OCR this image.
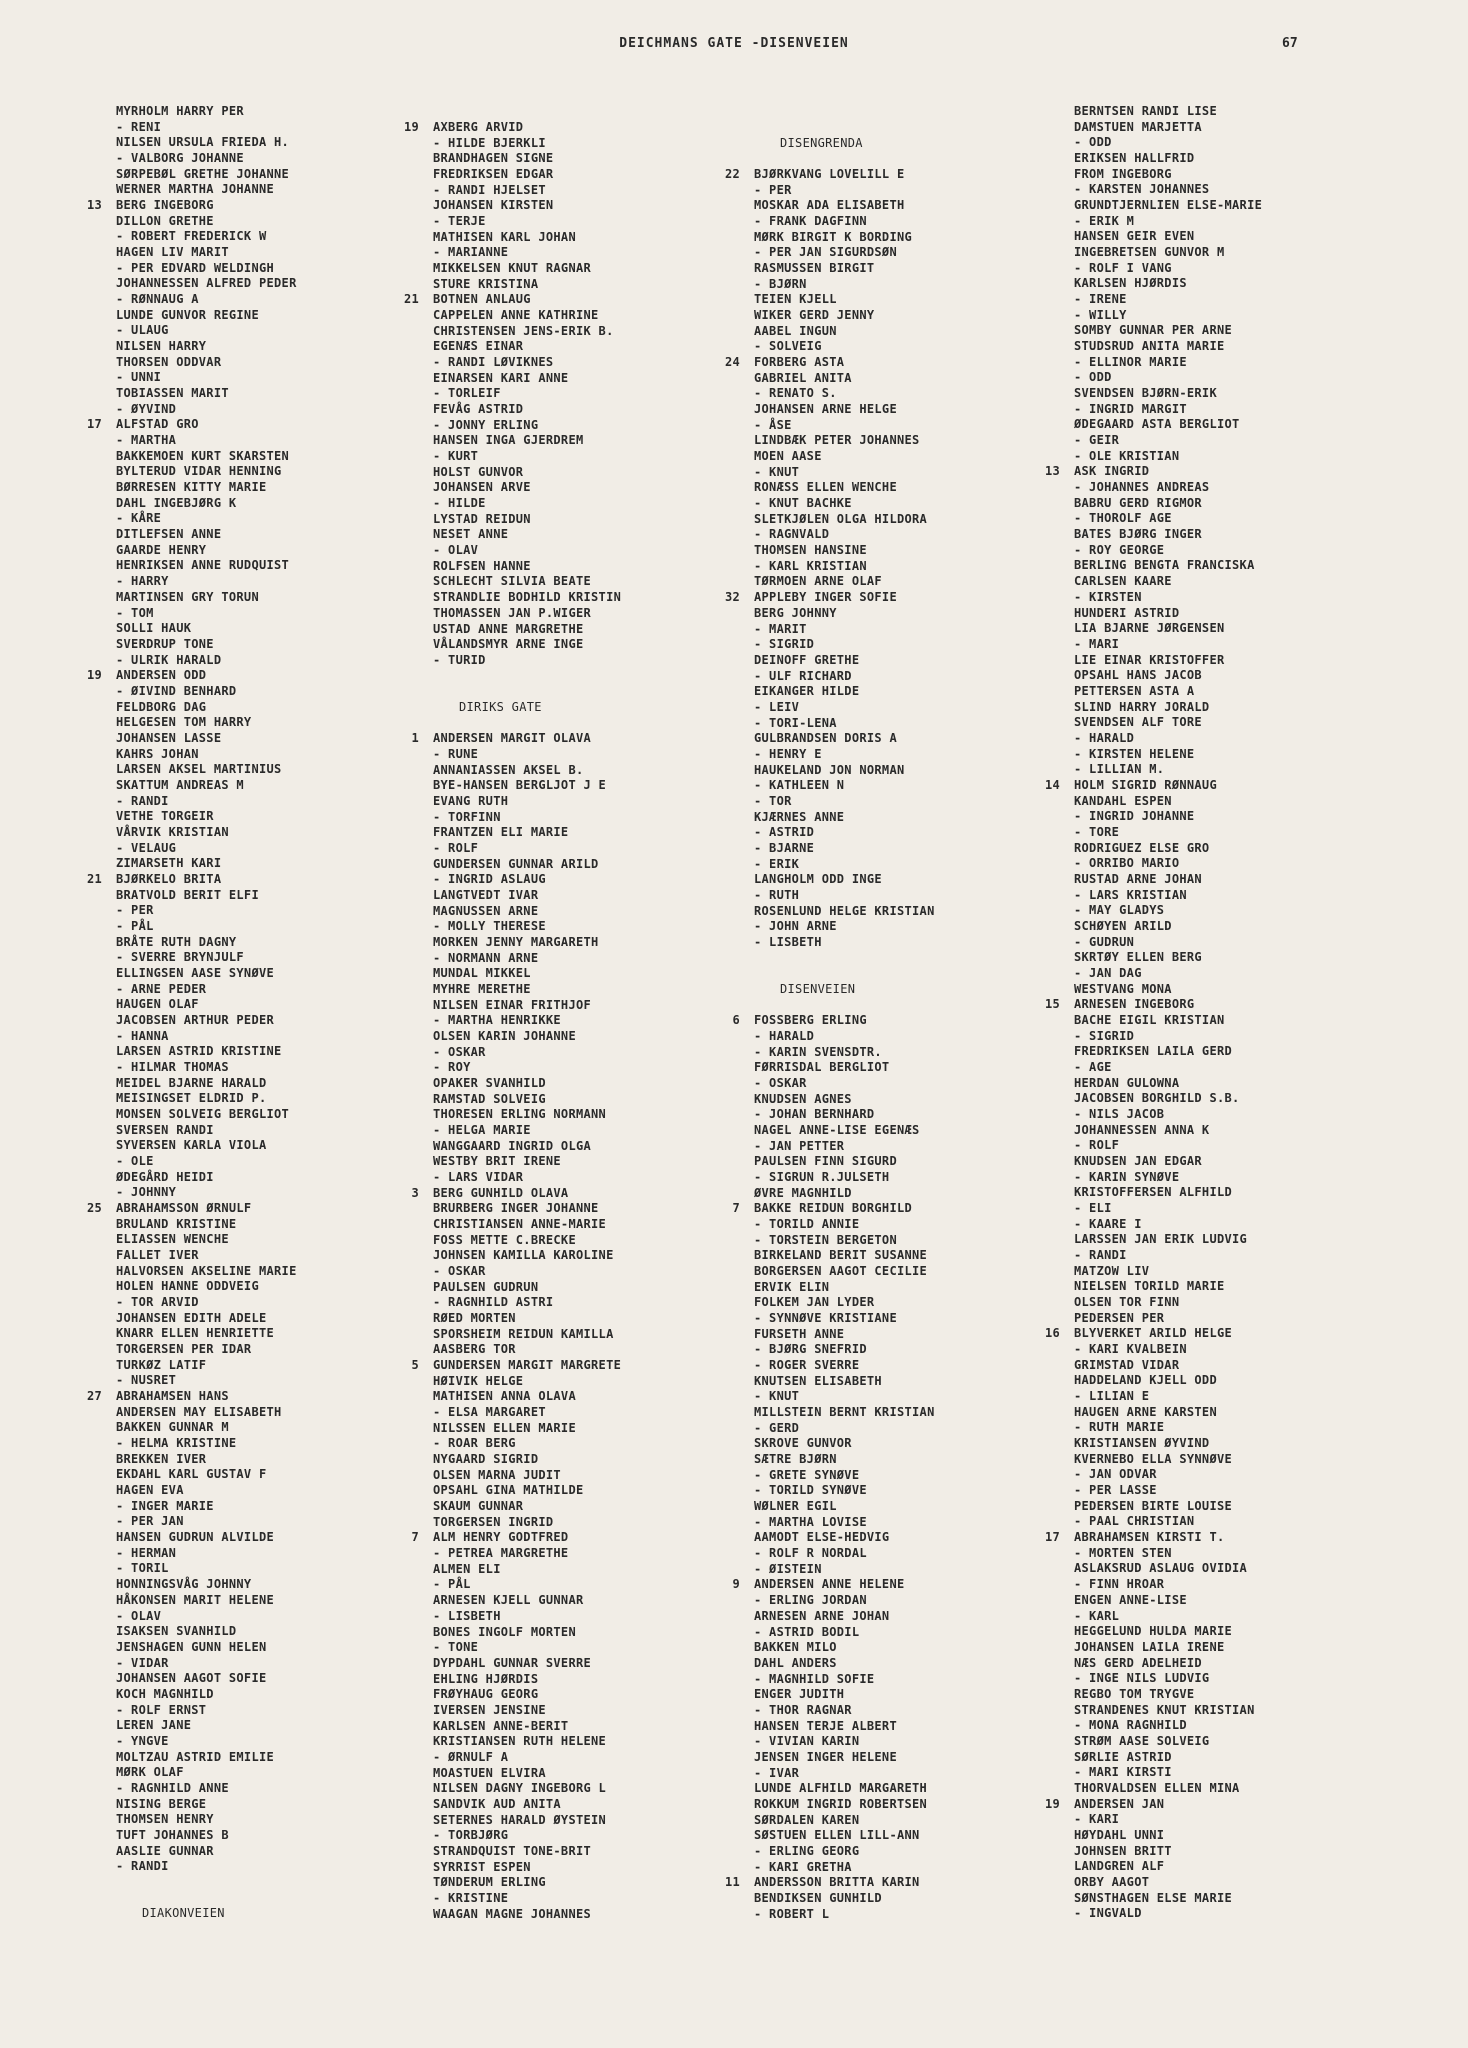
DEICHMANS GATE -DISENVEIEN	67
MYRHOLM HARRY PER
- RENI
NILSEN URSULA FRIEDA H.
- VALBORG JOHANNE
SØRPEBØL GRETHE JOHANNE
WERNER MARTHA JOHANNE
BERG INGEBORG
13
DILLON GRETHE
- ROBERT FREDERICK W
HAGEN LIV MARIT
- PER EDVARD WELDINGH
JOHANNESSEN ALFRED PEDER
- RØNNAUG A
LUNDE GUNVOR REGINE
- ULAUG
NILSEN HARRY
THORSEN ODDVAR
- UNNI
TOBIASSEN MARIT
- ØYVIND
ALFSTAD GRO
17
- MARTHA
BAKKEMOEN KURT SKARSTEN
BYLTERUD VIDAR HENNING
BØRRESEN KITTY MARIE
DAHL INGEBJØRG K
- KÅRE
DITLEFSEN ANNE
GAARDE HENRY
HENRIKSEN ANNE RUDQUIST
- HARRY
MARTINSEN GRY TORUN
- TOM
SOLLI HAUK
SVERDRUP TONE
- ULRIK HARALD
ANDERSEN ODD
19
- ØIVIND BENHARD
FELDBORG DAG
HELGESEN TOM HARRY
JOHANSEN LASSE
KAHRS JOHAN
LARSEN AKSEL MARTINIUS
SKATTUM ANDREAS M
- RANDI
VETHE TORGEIR
VÅRVIK KRISTIAN
- VELAUG
ZIMARSETH KARI
BJØRKELO BRITA
21
BRATVOLD BERIT ELFI
- PER
- PÅL
BRÅTE RUTH DAGNY
- SVERRE BRYNJULF
ELLINGSEN AASE SYNØVE
- ARNE PEDER
HAUGEN OLAF
JACOBSEN ARTHUR PEDER
- HANNA
LARSEN ASTRID KRISTINE
- HILMAR THOMAS
MEIDEL BJARNE HARALD
MEISINGSET ELDRID P.
MONSEN SOLVEIG BERGLIOT
SVERSEN RANDI
SYVERSEN KARLA VIOLA
- OLE
ØDEGÅRD HEIDI
- JOHNNY
ABRAHAMSSON ØRNULF
25
BRULAND KRISTINE
ELIASSEN WENCHE
FALLET IVER
HALVORSEN AKSELINE MARIE
HOLEN HANNE ODDVEIG
- TOR ARVID
JOHANSEN EDITH ADELE
KNARR ELLEN HENRIETTE
TORGERSEN PER IDAR
TURKØZ LATIF
- NUSRET
ABRAHAMSEN HANS
27
ANDERSEN MAY ELISABETH
BAKKEN GUNNAR M
- HELMA KRISTINE
BREKKEN IVER
EKDAHL KARL GUSTAV F
HAGEN EVA
- INGER MARIE
- PER JAN
HANSEN GUDRUN ALVILDE
- HERMAN
- TORIL
HONNINGSVÅG JOHNNY
HÅKONSEN MARIT HELENE
- OLAV
ISAKSEN SVANHILD
JENSHAGEN GUNN HELEN
- VIDAR
JOHANSEN AAGOT SOFIE
KOCH MAGNHILD
- ROLF ERNST
LEREN JANE
- YNGVE
MOLTZAU ASTRID EMILIE
MØRK OLAF
- RAGNHILD ANNE
NISING BERGE
THOMSEN HENRY
TUFT JOHANNES B
AASLIE GUNNAR
- RANDI
DIAKONVEIEN
AXBERG ARVID
19
- HILDE BJERKLI
BRANDHAGEN SIGNE
FREDRIKSEN EDGAR
- RANDI HJELSET
JOHANSEN KIRSTEN
- TERJE
MATHISEN KARL JOHAN
- MARIANNE
MIKKELSEN KNUT RAGNAR
STURE KRISTINA
BOTNEN ANLAUG
21
CAPPELEN ANNE KATHRINE
CHRISTENSEN JENS-ERIK B.
EGENÆS EINAR
- RANDI LØVIKNES
EINARSEN KARI ANNE
- TORLEIF
FEVÅG ASTRID
- JONNY ERLING
HANSEN INGA GJERDREM
- KURT
HOLST GUNVOR
JOHANSEN ARVE
- HILDE
LYSTAD REIDUN
NESET ANNE
- OLAV
ROLFSEN HANNE
SCHLECHT SILVIA BEATE
STRANDLIE BODHILD KRISTIN
THOMASSEN JAN P.WIGER
USTAD ANNE MARGRETHE
VÅLANDSMYR ARNE INGE
- TURID
DIRIKS GATE
ANDERSEN MARGIT OLAVA
1
- RUNE
ANNANIASSEN AKSEL B.
BYE-HANSEN BERGLJOT J E
EVANG RUTH
- TORFINN
FRANTZEN ELI MARIE
- ROLF
GUNDERSEN GUNNAR ARILD
- INGRID ASLAUG
LANGTVEDT IVAR
MAGNUSSEN ARNE
- MOLLY THERESE
MORKEN JENNY MARGARETH
- NORMANN ARNE
MUNDAL MIKKEL
MYHRE MERETHE
NILSEN EINAR FRITHJOF
- MARTHA HENRIKKE
OLSEN KARIN JOHANNE
- OSKAR
- ROY
OPAKER SVANHILD
RAMSTAD SOLVEIG
THORESEN ERLING NORMANN
- HELGA MARIE
WANGGAARD INGRID OLGA
WESTBY BRIT IRENE
- LARS VIDAR
BERG GUNHILD OLAVA
3
BRURBERG INGER JOHANNE
CHRISTIANSEN ANNE-MARIE
FOSS METTE C.BRECKE
JOHNSEN KAMILLA KAROLINE
- OSKAR
PAULSEN GUDRUN
- RAGNHILD ASTRI
RØED MORTEN
SPORSHEIM REIDUN KAMILLA
AASBERG TOR
GUNDERSEN MARGIT MARGRETE
5
HØIVIK HELGE
MATHISEN ANNA OLAVA
- ELSA MARGARET
NILSSEN ELLEN MARIE
- ROAR BERG
NYGAARD SIGRID
OLSEN MARNA JUDIT
OPSAHL GINA MATHILDE
SKAUM GUNNAR
TORGERSEN INGRID
ALM HENRY GODTFRED
7
- PETREA MARGRETHE
ALMEN ELI
- PÅL
ARNESEN KJELL GUNNAR
- LISBETH
BONES INGOLF MORTEN
- TONE
DYPDAHL GUNNAR SVERRE
EHLING HJØRDIS
FRØYHAUG GEORG
IVERSEN JENSINE
KARLSEN ANNE-BERIT
KRISTIANSEN RUTH HELENE
- ØRNULF A
MOASTUEN ELVIRA
NILSEN DAGNY INGEBORG L
SANDVIK AUD ANITA
SETERNES HARALD ØYSTEIN
- TORBJØRG
STRANDQUIST TONE-BRIT
SYRRIST ESPEN
TØNDERUM ERLING
- KRISTINE
WAAGAN MAGNE JOHANNES
DISENGRENDA
BJØRKVANG LOVELILL E
22
- PER
MOSKAR ADA ELISABETH
- FRANK DAGFINN
MØRK BIRGIT K BORDING
- PER JAN SIGURDSØN
RASMUSSEN BIRGIT
- BJØRN
TEIEN KJELL
WIKER GERD JENNY
AABEL INGUN
- SOLVEIG
FORBERG ASTA
24
GABRIEL ANITA
- RENATO S.
JOHANSEN ARNE HELGE
- ÅSE
LINDBÆK PETER JOHANNES
MOEN AASE
- KNUT
RONÆSS ELLEN WENCHE
- KNUT BACHKE
SLETKJØLEN OLGA HILDORA
- RAGNVALD
THOMSEN HANSINE
- KARL KRISTIAN
TØRMOEN ARNE OLAF
APPLEBY INGER SOFIE
32
BERG JOHNNY
- MARIT
- SIGRID
DEINOFF GRETHE
- ULF RICHARD
EIKANGER HILDE
- LEIV
- TORI-LENA
GULBRANDSEN DORIS A
- HENRY E
HAUKELAND JON NORMAN
- KATHLEEN N
- TOR
KJÆRNES ANNE
- ASTRID
- BJARNE
- ERIK
LANGHOLM ODD INGE
- RUTH
ROSENLUND HELGE KRISTIAN
- JOHN ARNE
- LISBETH
DISENVEIEN
FOSSBERG ERLING
6
- HARALD
- KARIN SVENSDTR.
FØRRISDAL BERGLIOT
- OSKAR
KNUDSEN AGNES
- JOHAN BERNHARD
NAGEL ANNE-LISE EGENÆS
- JAN PETTER
PAULSEN FINN SIGURD
- SIGRUN R.JULSETH
ØVRE MAGNHILD
BAKKE REIDUN BORGHILD
7
- TORILD ANNIE
- TORSTEIN BERGETON
BIRKELAND BERIT SUSANNE
BORGERSEN AAGOT CECILIE
ERVIK ELIN
FOLKEM JAN LYDER
- SYNNØVE KRISTIANE
FURSETH ANNE
- BJØRG SNEFRID
- ROGER SVERRE
KNUTSEN ELISABETH
- KNUT
MILLSTEIN BERNT KRISTIAN
- GERD
SKROVE GUNVOR
SÆTRE BJØRN
- GRETE SYNØVE
- TORILD SYNØVE
WØLNER EGIL
- MARTHA LOVISE
AAMODT ELSE-HEDVIG
- ROLF R NORDAL
- ØISTEIN
ANDERSEN ANNE HELENE
9
- ERLING JORDAN
ARNESEN ARNE JOHAN
- ASTRID BODIL
BAKKEN MILO
DAHL ANDERS
- MAGNHILD SOFIE
ENGER JUDITH
- THOR RAGNAR
HANSEN TERJE ALBERT
- VIVIAN KARIN
JENSEN INGER HELENE
- IVAR
LUNDE ALFHILD MARGARETH
ROKKUM INGRID ROBERTSEN
SØRDALEN KAREN
SØSTUEN ELLEN LILL-ANN
- ERLING GEORG
- KARI GRETHA
ANDERSSON BRITTA KARIN
11
BENDIKSEN GUNHILD
- ROBERT L
BERNTSEN RANDI LISE
DAMSTUEN MARJETTA
- ODD
ERIKSEN HALLFRID
FROM INGEBORG
- KARSTEN JOHANNES
GRUNDTJERNLIEN ELSE-MARIE
- ERIK M
HANSEN GEIR EVEN
INGEBRETSEN GUNVOR M
- ROLF I VANG
KARLSEN HJØRDIS
- IRENE
- WILLY
SOMBY GUNNAR PER ARNE
STUDSRUD ANITA MARIE
- ELLINOR MARIE
- ODD
SVENDSEN BJØRN-ERIK
- INGRID MARGIT
ØDEGAARD ASTA BERGLIOT
- GEIR
- OLE KRISTIAN
ASK INGRID
13
- JOHANNES ANDREAS
BABRU GERD RIGMOR
- THOROLF AGE
BATES BJØRG INGER
- ROY GEORGE
BERLING BENGTA FRANCISKA
CARLSEN KAARE
- KIRSTEN
HUNDERI ASTRID
LIA BJARNE JØRGENSEN
- MARI
LIE EINAR KRISTOFFER
OPSAHL HANS JACOB
PETTERSEN ASTA A
SLIND HARRY JORALD
SVENDSEN ALF TORE
- HARALD
- KIRSTEN HELENE
- LILLIAN M.
HOLM SIGRID RØNNAUG
14
KANDAHL ESPEN
- INGRID JOHANNE
- TORE
RODRIGUEZ ELSE GRO
- ORRIBO MARIO
RUSTAD ARNE JOHAN
- LARS KRISTIAN
- MAY GLADYS
SCHØYEN ARILD
- GUDRUN
SKRTØY ELLEN BERG
- JAN DAG
WESTVANG MONA
ARNESEN INGEBORG
15
BACHE EIGIL KRISTIAN
- SIGRID
FREDRIKSEN LAILA GERD
- AGE
HERDAN GULOWNA
JACOBSEN BORGHILD S.B.
- NILS JACOB
JOHANNESSEN ANNA K
- ROLF
KNUDSEN JAN EDGAR
- KARIN SYNØVE
KRISTOFFERSEN ALFHILD
- ELI
- KAARE I
LARSSEN JAN ERIK LUDVIG
- RANDI
MATZOW LIV
NIELSEN TORILD MARIE
OLSEN TOR FINN
PEDERSEN PER
BLYVERKET ARILD HELGE
16
- KARI KVALBEIN
GRIMSTAD VIDAR
HADDELAND KJELL ODD
- LILIAN E
HAUGEN ARNE KARSTEN
- RUTH MARIE
KRISTIANSEN ØYVIND
KVERNEBO ELLA SYNNØVE
- JAN ODVAR
- PER LASSE
PEDERSEN BIRTE LOUISE
- PAAL CHRISTIAN
ABRAHAMSEN KIRSTI T.
17
- MORTEN STEN
ASLAKSRUD ASLAUG OVIDIA
- FINN HROAR
ENGEN ANNE-LISE
- KARL
HEGGELUND HULDA MARIE
JOHANSEN LAILA IRENE
NÆS GERD ADELHEID
- INGE NILS LUDVIG
REGBO TOM TRYGVE
STRANDENES KNUT KRISTIAN
- MONA RAGNHILD
STRØM AASE SOLVEIG
SØRLIE ASTRID
- MARI KIRSTI
THORVALDSEN ELLEN MINA
ANDERSEN JAN
19
- KARI
HØYDAHL UNNI
JOHNSEN BRITT
LANDGREN ALF
ORBY AAGOT
SØNSTHAGEN ELSE MARIE
- INGVALD
